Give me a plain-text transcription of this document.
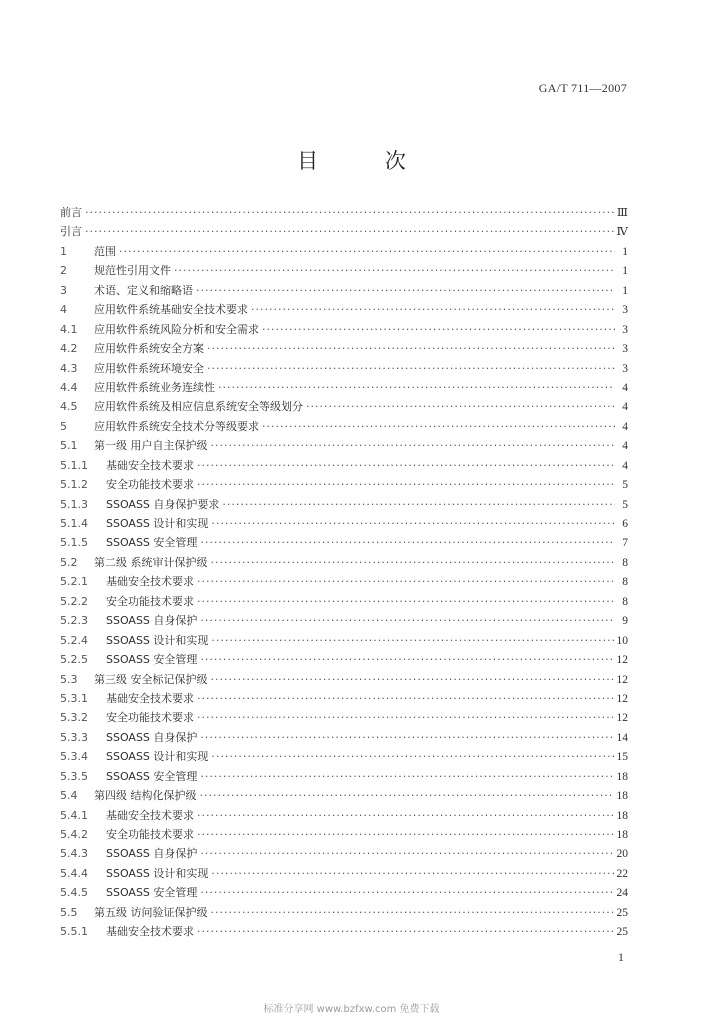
GA/T 711—2007
目 次
前言 ·····	Ⅲ
引言 ·····	Ⅳ
1	范围 ·····	1
2	规范性引用文件 ·····	1
3	术语、定义和缩略语 ·····	1
4	应用软件系统基础安全技术要求 ·····	3
4.1	应用软件系统风险分析和安全需求 ·····	3
4.2	应用软件系统安全方案 ·····	3
4.3	应用软件系统环境安全 ·····	3
4.4	应用软件系统业务连续性 ·····	4
4.5	应用软件系统及相应信息系统安全等级划分 ·····	4
5	应用软件系统安全技术分等级要求 ·····	4
5.1	第一级 用户自主保护级 ·····	4
5.1.1	基础安全技术要求 ·····	4
5.1.2	安全功能技术要求 ·····	5
5.1.3	SSOASS 自身保护要求 ·····	5
5.1.4	SSOASS 设计和实现 ·····	6
5.1.5	SSOASS 安全管理 ·····	7
5.2	第二级 系统审计保护级 ·····	8
5.2.1	基础安全技术要求 ·····	8
5.2.2	安全功能技术要求 ·····	8
5.2.3	SSOASS 自身保护 ·····	9
5.2.4	SSOASS 设计和实现 ·····	10
5.2.5	SSOASS 安全管理 ·····	12
5.3	第三级 安全标记保护级 ·····	12
5.3.1	基础安全技术要求 ·····	12
5.3.2	安全功能技术要求 ·····	12
5.3.3	SSOASS 自身保护 ·····	14
5.3.4	SSOASS 设计和实现 ·····	15
5.3.5	SSOASS 安全管理 ·····	18
5.4	第四级 结构化保护级 ·····	18
5.4.1	基础安全技术要求 ·····	18
5.4.2	安全功能技术要求 ·····	18
5.4.3	SSOASS 自身保护 ·····	20
5.4.4	SSOASS 设计和实现 ·····	22
5.4.5	SSOASS 安全管理 ·····	24
5.5	第五级 访问验证保护级 ·····	25
5.5.1	基础安全技术要求 ·····	25
1
标准分享网 www.bzfxw.com 免费下载
